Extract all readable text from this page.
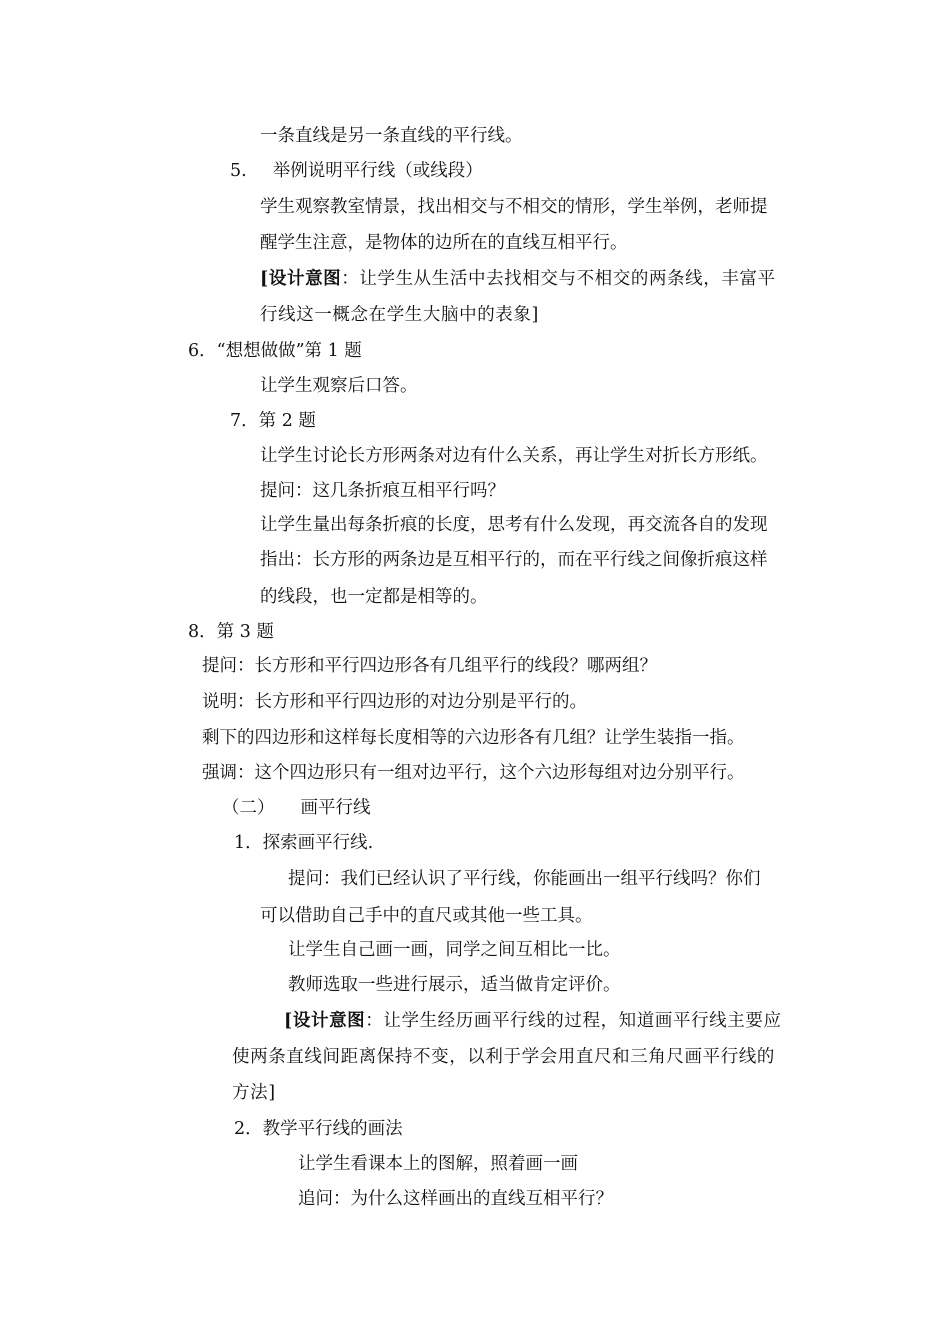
一条直线是另一条直线的平行线。
5. 举例说明平行线（或线段）
学生观察教室情景，找出相交与不相交的情形，学生举例，老师提
醒学生注意，是物体的边所在的直线互相平行。
[设计意图：让学生从生活中去找相交与不相交的两条线，丰富平
行线这一概念在学生大脑中的表象]
6．“想想做做”第 1 题
让学生观察后口答。
7．第 2 题
让学生讨论长方形两条对边有什么关系，再让学生对折长方形纸。
提问：这几条折痕互相平行吗？
让学生量出每条折痕的长度，思考有什么发现，再交流各自的发现
指出：长方形的两条边是互相平行的，而在平行线之间像折痕这样
的线段，也一定都是相等的。
8．第 3 题
提问：长方形和平行四边形各有几组平行的线段？哪两组？
说明：长方形和平行四边形的对边分别是平行的。
剩下的四边形和这样每长度相等的六边形各有几组？让学生装指一指。
强调：这个四边形只有一组对边平行，这个六边形每组对边分别平行。
（二） 画平行线
1．探索画平行线.
提问：我们已经认识了平行线，你能画出一组平行线吗？你们
可以借助自己手中的直尺或其他一些工具。
让学生自己画一画，同学之间互相比一比。
教师选取一些进行展示，适当做肯定评价。
[设计意图：让学生经历画平行线的过程，知道画平行线主要应
使两条直线间距离保持不变，以利于学会用直尺和三角尺画平行线的
方法]
2．教学平行线的画法
让学生看课本上的图解，照着画一画
追问：为什么这样画出的直线互相平行？
